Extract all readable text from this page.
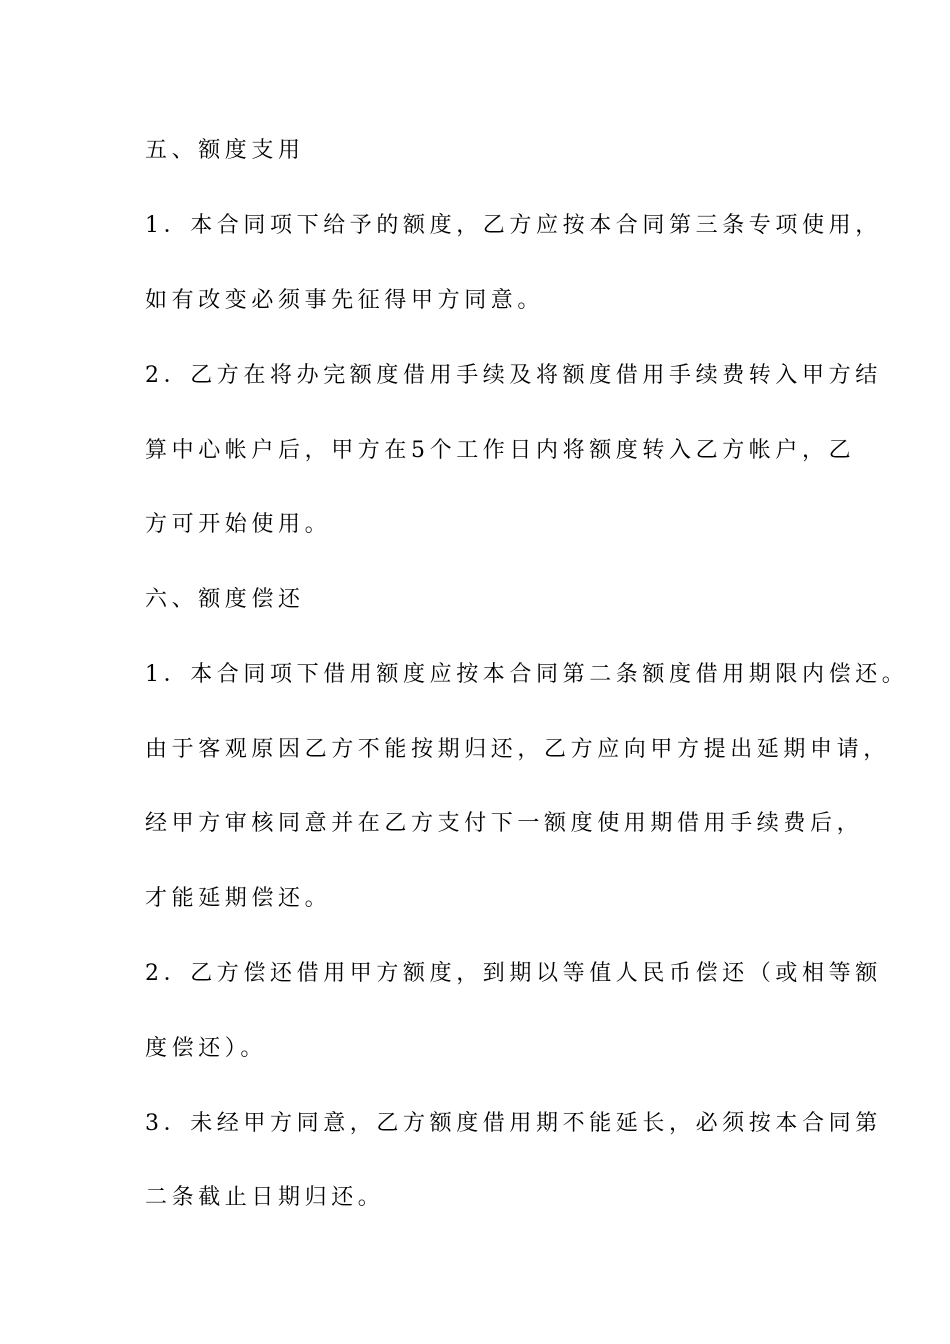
五、额度支用
1．本合同项下给予的额度，乙方应按本合同第三条专项使用，
如有改变必须事先征得甲方同意。
2．乙方在将办完额度借用手续及将额度借用手续费转入甲方结
算中心帐户后，甲方在5个工作日内将额度转入乙方帐户，乙
方可开始使用。
六、额度偿还
1．本合同项下借用额度应按本合同第二条额度借用期限内偿还。
由于客观原因乙方不能按期归还，乙方应向甲方提出延期申请，
经甲方审核同意并在乙方支付下一额度使用期借用手续费后，
才能延期偿还。
2．乙方偿还借用甲方额度，到期以等值人民币偿还（或相等额
度偿还）。
3．未经甲方同意，乙方额度借用期不能延长，必须按本合同第
二条截止日期归还。
